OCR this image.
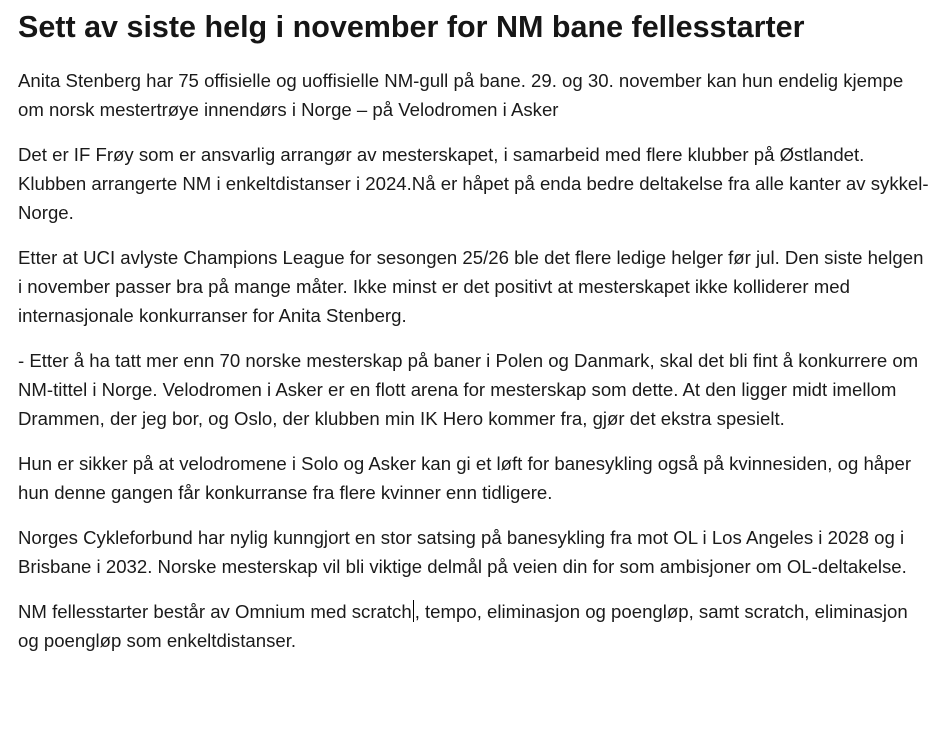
Sett av siste helg i november for NM bane fellesstarter

Anita Stenberg har 75 offisielle og uoffisielle NM-gull på bane. 29. og 30. november kan hun endelig kjempe om norsk mestertrøye innendørs i Norge – på Velodromen i Asker

Det er IF Frøy som er ansvarlig arrangør av mesterskapet, i samarbeid med flere klubber på Østlandet. Klubben arrangerte NM i enkeltdistanser i 2024.Nå er håpet på enda bedre deltakelse fra alle kanter av sykkel-Norge.

Etter at UCI avlyste Champions League for sesongen 25/26 ble det flere ledige helger før jul. Den siste helgen i november passer bra på mange måter. Ikke minst er det positivt at mesterskapet ikke kolliderer med internasjonale konkurranser for Anita Stenberg.

- Etter å ha tatt mer enn 70 norske mesterskap på baner i Polen og Danmark, skal det bli fint å konkurrere om NM-tittel i Norge. Velodromen i Asker er en flott arena for mesterskap som dette. At den ligger midt imellom Drammen, der jeg bor, og Oslo, der klubben min IK Hero kommer fra, gjør det ekstra spesielt.

Hun er sikker på at velodromene i Solo og Asker kan gi et løft for banesykling også på kvinnesiden, og håper hun denne gangen får konkurranse fra flere kvinner enn tidligere.

Norges Cykleforbund har nylig kunngjort en stor satsing på banesykling fra mot OL i Los Angeles i 2028 og i Brisbane i 2032. Norske mesterskap vil bli viktige delmål på veien din for som ambisjoner om OL-deltakelse.

NM fellesstarter består av Omnium med scratch , tempo, eliminasjon og poengløp, samt scratch, eliminasjon og poengløp som enkeltdistanser.
